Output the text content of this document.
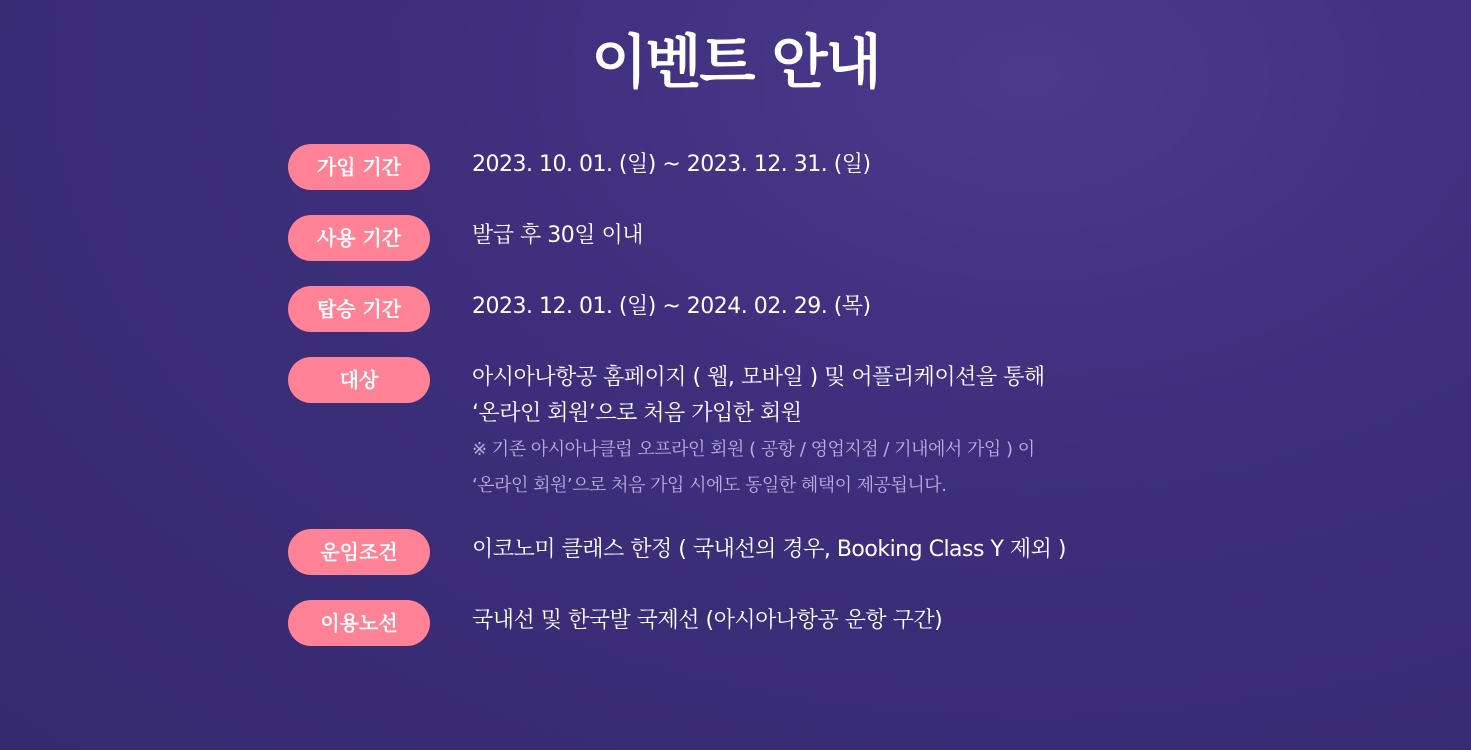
이벤트 안내
가입 기간	2023. 10. 01. (일) ~ 2023. 12. 31. (일)
사용 기간	발급 후 30일 이내
탑승 기간	2023. 12. 01. (일) ~ 2024. 02. 29. (목)
대상	아시아나항공 홈페이지 ( 웹, 모바일 ) 및 어플리케이션을 통해
‘온라인 회원’으로 처음 가입한 회원
※ 기존 아시아나클럽 오프라인 회원 ( 공항 / 영업지점 / 기내에서 가입 ) 이
‘온라인 회원’으로 처음 가입 시에도 동일한 혜택이 제공됩니다.
운임조건	이코노미 클래스 한정 ( 국내선의 경우, Booking Class Y 제외 )
이용노선	국내선 및 한국발 국제선 (아시아나항공 운항 구간)
